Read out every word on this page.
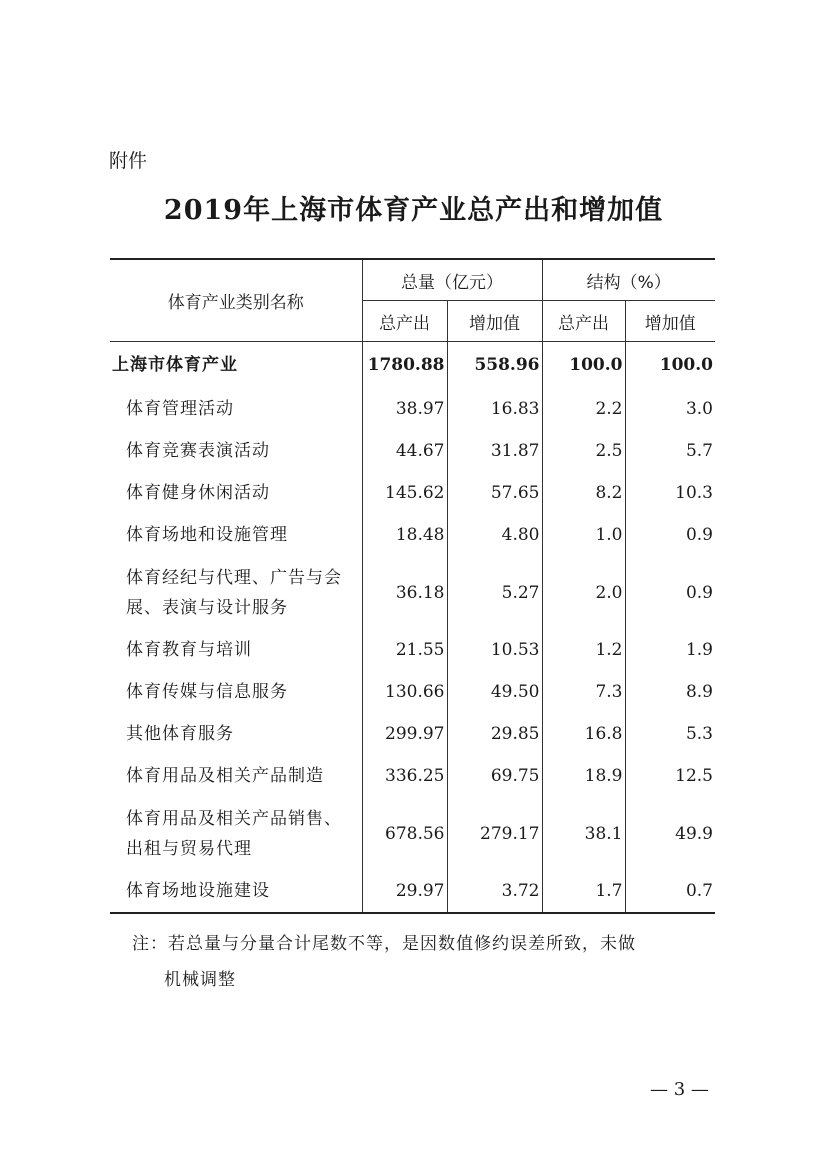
附件
2019年上海市体育产业总产出和增加值
体育产业类别名称	总量（亿元）		结构（%）	
	总产出	增加值	总产出	增加值
上海市体育产业	1780.88	558.96	100.0	100.0
体育管理活动	38.97	16.83	2.2	3.0
体育竞赛表演活动	44.67	31.87	2.5	5.7
体育健身休闲活动	145.62	57.65	8.2	10.3
体育场地和设施管理	18.48	4.80	1.0	0.9
体育经纪与代理、广告与会展、表演与设计服务	36.18	5.27	2.0	0.9
体育教育与培训	21.55	10.53	1.2	1.9
体育传媒与信息服务	130.66	49.50	7.3	8.9
其他体育服务	299.97	29.85	16.8	5.3
体育用品及相关产品制造	336.25	69.75	18.9	12.5
体育用品及相关产品销售、出租与贸易代理	678.56	279.17	38.1	49.9
体育场地设施建设	29.97	3.72	1.7	0.7
注：若总量与分量合计尾数不等，是因数值修约误差所致，未做
机械调整
— 3 —
